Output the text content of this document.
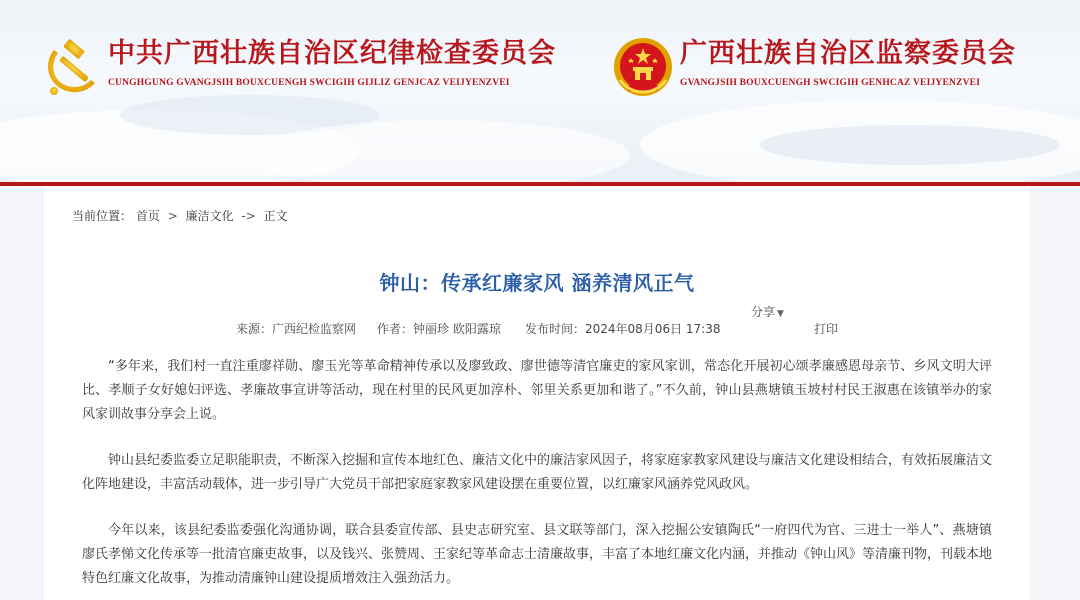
中共广西壮族自治区纪律检查委员会
CUNGHGUNG GVANGJSIH BOUXCUENGH SWCIGIH GIJLIZ GENJCAZ VEIJYENZVEI
广西壮族自治区监察委员会
GVANGJSIH BOUXCUENGH SWCIGIH GENHCAZ VEIJYENZVEI
当前位置： 首页 > 廉洁文化 -> 正文
钟山：传承红廉家风 涵养清风正气
分享 ▼
来源：广西纪检监察网 作者：钟丽珍 欧阳露琼 发布时间：2024年08月06日 17:38	打印

“多年来，我们村一直注重廖祥勋、廖玉光等革命精神传承以及廖致政、廖世德等清官廉吏的家风家训，常态化开展初心颂孝廉感恩母亲节、乡风文明大评比、孝顺子女好媳妇评选、孝廉故事宣讲等活动，现在村里的民风更加淳朴、邻里关系更加和谐了。”不久前，钟山县燕塘镇玉坡村村民王淑惠在该镇举办的家风家训故事分享会上说。

钟山县纪委监委立足职能职责，不断深入挖掘和宣传本地红色、廉洁文化中的廉洁家风因子，将家庭家教家风建设与廉洁文化建设相结合，有效拓展廉洁文化阵地建设，丰富活动载体，进一步引导广大党员干部把家庭家教家风建设摆在重要位置，以红廉家风涵养党风政风。

今年以来，该县纪委监委强化沟通协调，联合县委宣传部、县史志研究室、县文联等部门，深入挖掘公安镇陶氏“一府四代为官、三进士一举人”、燕塘镇廖氏孝悌文化传承等一批清官廉吏故事，以及钱兴、张赞周、王家纪等革命志士清廉故事，丰富了本地红廉文化内涵，并推动《钟山风》等清廉刊物，刊载本地特色红廉文化故事，为推动清廉钟山建设提质增效注入强劲活力。
